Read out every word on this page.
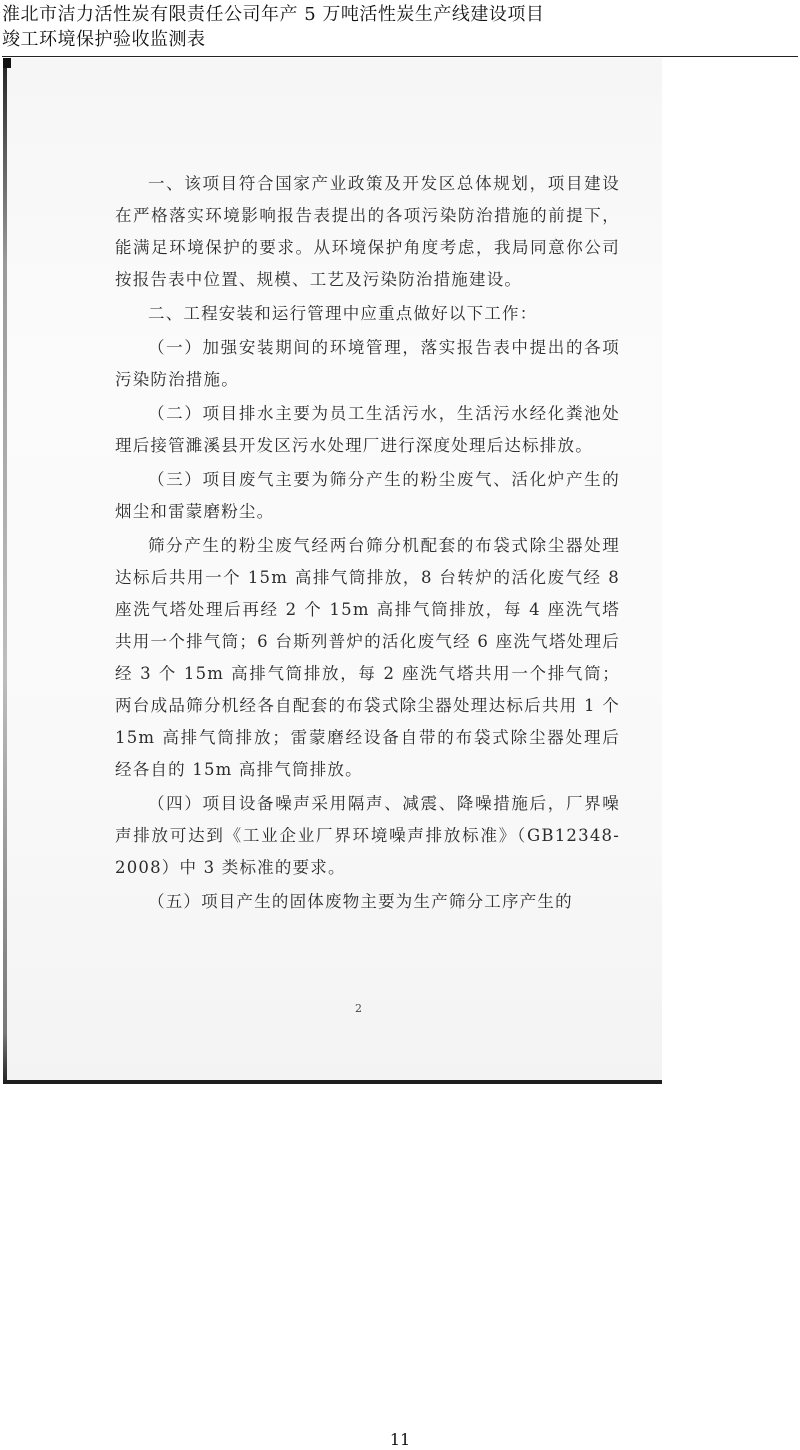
淮北市洁力活性炭有限责任公司年产 5 万吨活性炭生产线建设项目
竣工环境保护验收监测表

一、该项目符合国家产业政策及开发区总体规划，项目建设在严格落实环境影响报告表提出的各项污染防治措施的前提下，能满足环境保护的要求。从环境保护角度考虑，我局同意你公司按报告表中位置、规模、工艺及污染防治措施建设。

二、工程安装和运行管理中应重点做好以下工作：

（一）加强安装期间的环境管理，落实报告表中提出的各项污染防治措施。

（二）项目排水主要为员工生活污水，生活污水经化粪池处理后接管濉溪县开发区污水处理厂进行深度处理后达标排放。

（三）项目废气主要为筛分产生的粉尘废气、活化炉产生的烟尘和雷蒙磨粉尘。

筛分产生的粉尘废气经两台筛分机配套的布袋式除尘器处理达标后共用一个 15m 高排气筒排放，8 台转炉的活化废气经 8 座洗气塔处理后再经 2 个 15m 高排气筒排放，每 4 座洗气塔共用一个排气筒；6 台斯列普炉的活化废气经 6 座洗气塔处理后经 3 个 15m 高排气筒排放，每 2 座洗气塔共用一个排气筒；两台成品筛分机经各自配套的布袋式除尘器处理达标后共用 1 个 15m 高排气筒排放；雷蒙磨经设备自带的布袋式除尘器处理后经各自的 15m 高排气筒排放。

（四）项目设备噪声采用隔声、减震、降噪措施后，厂界噪声排放可达到《工业企业厂界环境噪声排放标准》（GB12348-2008）中 3 类标准的要求。

（五）项目产生的固体废物主要为生产筛分工序产生的

2
11
